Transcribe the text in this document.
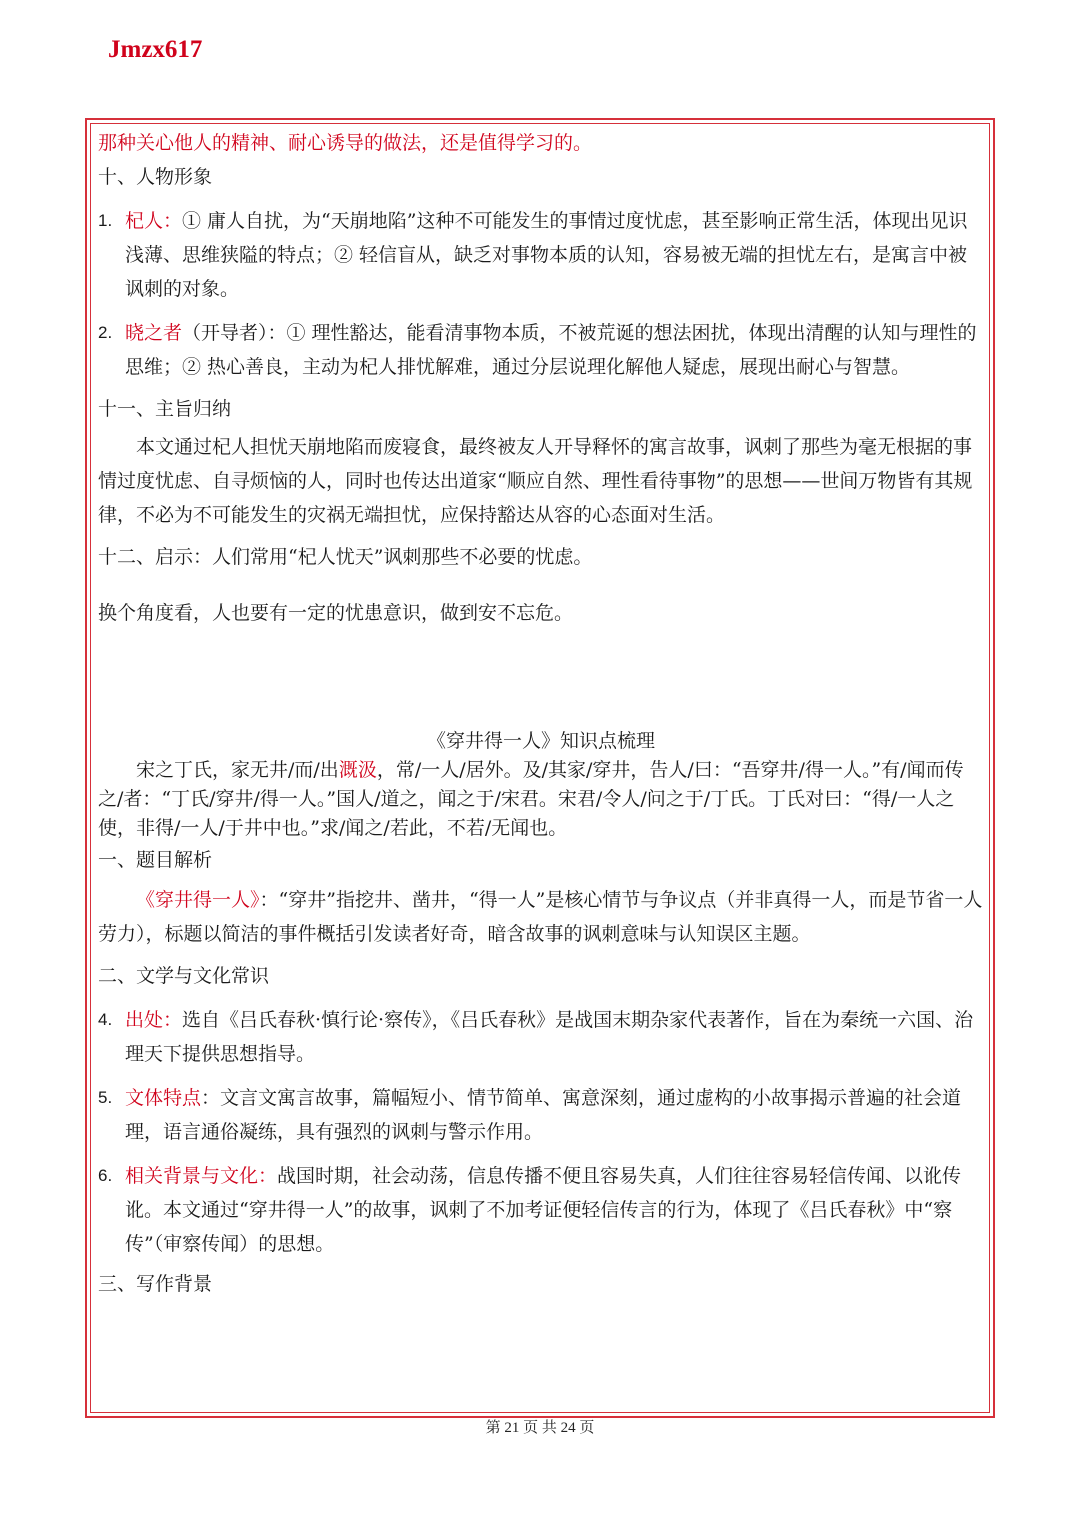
Jmzx617

那种关心他人的精神、耐心诱导的做法，还是值得学习的。

十、人物形象

1. 杞人：① 庸人自扰，为“天崩地陷”这种不可能发生的事情过度忧虑，甚至影响正常生活，体现出见识浅薄、思维狭隘的特点；② 轻信盲从，缺乏对事物本质的认知，容易被无端的担忧左右，是寓言中被讽刺的对象。

2. 晓之者（开导者）：① 理性豁达，能看清事物本质，不被荒诞的想法困扰，体现出清醒的认知与理性的思维；② 热心善良，主动为杞人排忧解难，通过分层说理化解他人疑虑，展现出耐心与智慧。

十一、主旨归纳

本文通过杞人担忧天崩地陷而废寝食，最终被友人开导释怀的寓言故事，讽刺了那些为毫无根据的事情过度忧虑、自寻烦恼的人，同时也传达出道家“顺应自然、理性看待事物”的思想——世间万物皆有其规律，不必为不可能发生的灾祸无端担忧，应保持豁达从容的心态面对生活。

十二、启示：人们常用“杞人忧天”讽刺那些不必要的忧虑。

换个角度看，人也要有一定的忧患意识，做到安不忘危。

《穿井得一人》知识点梳理

宋之丁氏，家无井/而/出溉汲，常/一人/居外。及/其家/穿井，告人/曰：“吾穿井/得一人。”有/闻而传之/者：“丁氏/穿井/得一人。”国人/道之，闻之于/宋君。宋君/令人/问之于/丁氏。丁氏对曰：“得/一人之使，非得/一人/于井中也。”求/闻之/若此，不若/无闻也。

一、题目解析

《穿井得一人》：“穿井”指挖井、凿井，“得一人”是核心情节与争议点（并非真得一人，而是节省一人劳力），标题以简洁的事件概括引发读者好奇，暗含故事的讽刺意味与认知误区主题。

二、文学与文化常识

4. 出处：选自《吕氏春秋·慎行论·察传》，《吕氏春秋》是战国末期杂家代表著作，旨在为秦统一六国、治理天下提供思想指导。

5. 文体特点：文言文寓言故事，篇幅短小、情节简单、寓意深刻，通过虚构的小故事揭示普遍的社会道理，语言通俗凝练，具有强烈的讽刺与警示作用。

6. 相关背景与文化：战国时期，社会动荡，信息传播不便且容易失真，人们往往容易轻信传闻、以讹传讹。本文通过“穿井得一人”的故事，讽刺了不加考证便轻信传言的行为，体现了《吕氏春秋》中“察传”（审察传闻）的思想。

三、写作背景

第 21 页 共 24 页
